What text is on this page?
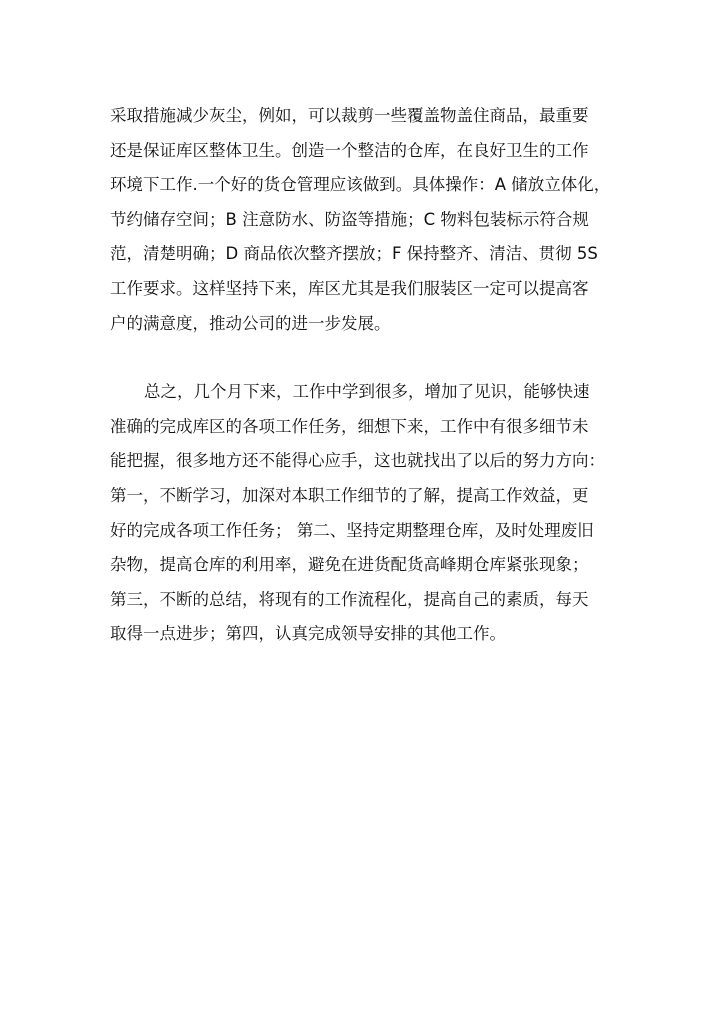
采取措施减少灰尘，例如，可以裁剪一些覆盖物盖住商品，最重要
还是保证库区整体卫生。创造一个整洁的仓库，在良好卫生的工作
环境下工作.一个好的货仓管理应该做到。具体操作：A 储放立体化，
节约储存空间；B 注意防水、防盗等措施；C 物料包装标示符合规
范，清楚明确；D 商品依次整齐摆放；F 保持整齐、清洁、贯彻 5S
工作要求。这样坚持下来，库区尤其是我们服装区一定可以提高客
户的满意度，推动公司的进一步发展。
总之，几个月下来，工作中学到很多，增加了见识，能够快速
准确的完成库区的各项工作任务，细想下来，工作中有很多细节未
能把握，很多地方还不能得心应手，这也就找出了以后的努力方向：
第一，不断学习，加深对本职工作细节的了解，提高工作效益，更
好的完成各项工作任务； 第二、坚持定期整理仓库，及时处理废旧
杂物，提高仓库的利用率，避免在进货配货高峰期仓库紧张现象；
第三，不断的总结，将现有的工作流程化，提高自己的素质，每天
取得一点进步；第四，认真完成领导安排的其他工作。
